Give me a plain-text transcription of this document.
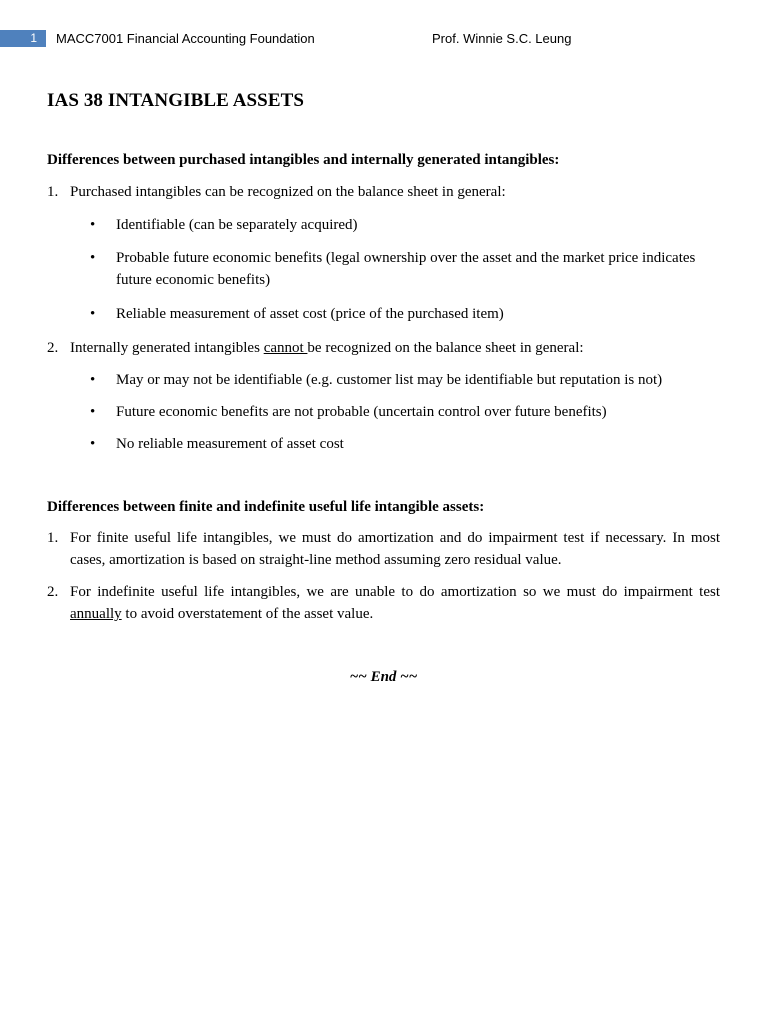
1	MACC7001 Financial Accounting Foundation	Prof. Winnie S.C. Leung
IAS 38 INTANGIBLE ASSETS

Differences between purchased intangibles and internally generated intangibles:

1. Purchased intangibles can be recognized on the balance sheet in general:
• Identifiable (can be separately acquired)
• Probable future economic benefits (legal ownership over the asset and the market price indicates future economic benefits)
• Reliable measurement of asset cost (price of the purchased item)
2. Internally generated intangibles cannot be recognized on the balance sheet in general:
• May or may not be identifiable (e.g. customer list may be identifiable but reputation is not)
• Future economic benefits are not probable (uncertain control over future benefits)
• No reliable measurement of asset cost

Differences between finite and indefinite useful life intangible assets:

1. For finite useful life intangibles, we must do amortization and do impairment test if necessary. In most cases, amortization is based on straight-line method assuming zero residual value.
2. For indefinite useful life intangibles, we are unable to do amortization so we must do impairment test annually to avoid overstatement of the asset value.
~~ End ~~
